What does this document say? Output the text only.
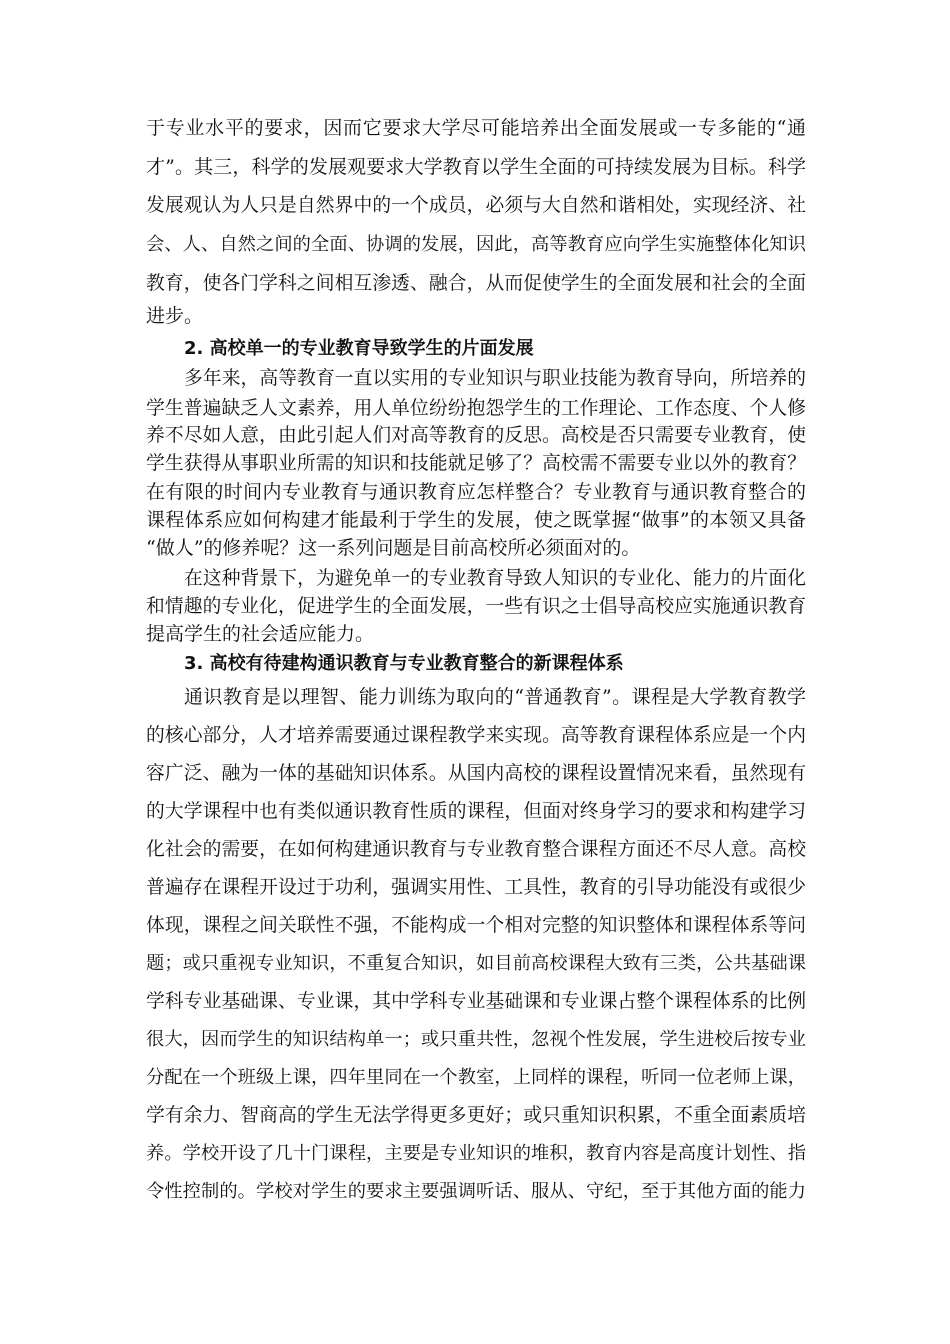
于专业水平的要求，因而它要求大学尽可能培养出全面发展或一专多能的“通
才”。其三，科学的发展观要求大学教育以学生全面的可持续发展为目标。科学
发展观认为人只是自然界中的一个成员，必须与大自然和谐相处，实现经济、社
会、人、自然之间的全面、协调的发展，因此，高等教育应向学生实施整体化知识
教育，使各门学科之间相互渗透、融合，从而促使学生的全面发展和社会的全面
进步。
2. 高校单一的专业教育导致学生的片面发展
多年来，高等教育一直以实用的专业知识与职业技能为教育导向，所培养的
学生普遍缺乏人文素养，用人单位纷纷抱怨学生的工作理论、工作态度、个人修
养不尽如人意，由此引起人们对高等教育的反思。高校是否只需要专业教育，使
学生获得从事职业所需的知识和技能就足够了？高校需不需要专业以外的教育？
在有限的时间内专业教育与通识教育应怎样整合？专业教育与通识教育整合的
课程体系应如何构建才能最利于学生的发展，使之既掌握“做事”的本领又具备
“做人”的修养呢？这一系列问题是目前高校所必须面对的。
在这种背景下，为避免单一的专业教育导致人知识的专业化、能力的片面化
和情趣的专业化，促进学生的全面发展，一些有识之士倡导高校应实施通识教育
提高学生的社会适应能力。
3. 高校有待建构通识教育与专业教育整合的新课程体系
通识教育是以理智、能力训练为取向的“普通教育”。课程是大学教育教学
的核心部分，人才培养需要通过课程教学来实现。高等教育课程体系应是一个内
容广泛、融为一体的基础知识体系。从国内高校的课程设置情况来看，虽然现有
的大学课程中也有类似通识教育性质的课程，但面对终身学习的要求和构建学习
化社会的需要，在如何构建通识教育与专业教育整合课程方面还不尽人意。高校
普遍存在课程开设过于功利，强调实用性、工具性，教育的引导功能没有或很少
体现，课程之间关联性不强，不能构成一个相对完整的知识整体和课程体系等问
题；或只重视专业知识，不重复合知识，如目前高校课程大致有三类，公共基础课
学科专业基础课、专业课，其中学科专业基础课和专业课占整个课程体系的比例
很大，因而学生的知识结构单一；或只重共性，忽视个性发展，学生进校后按专业
分配在一个班级上课，四年里同在一个教室，上同样的课程，听同一位老师上课，
学有余力、智商高的学生无法学得更多更好；或只重知识积累，不重全面素质培
养。学校开设了几十门课程，主要是专业知识的堆积，教育内容是高度计划性、指
令性控制的。学校对学生的要求主要强调听话、服从、守纪，至于其他方面的能力
